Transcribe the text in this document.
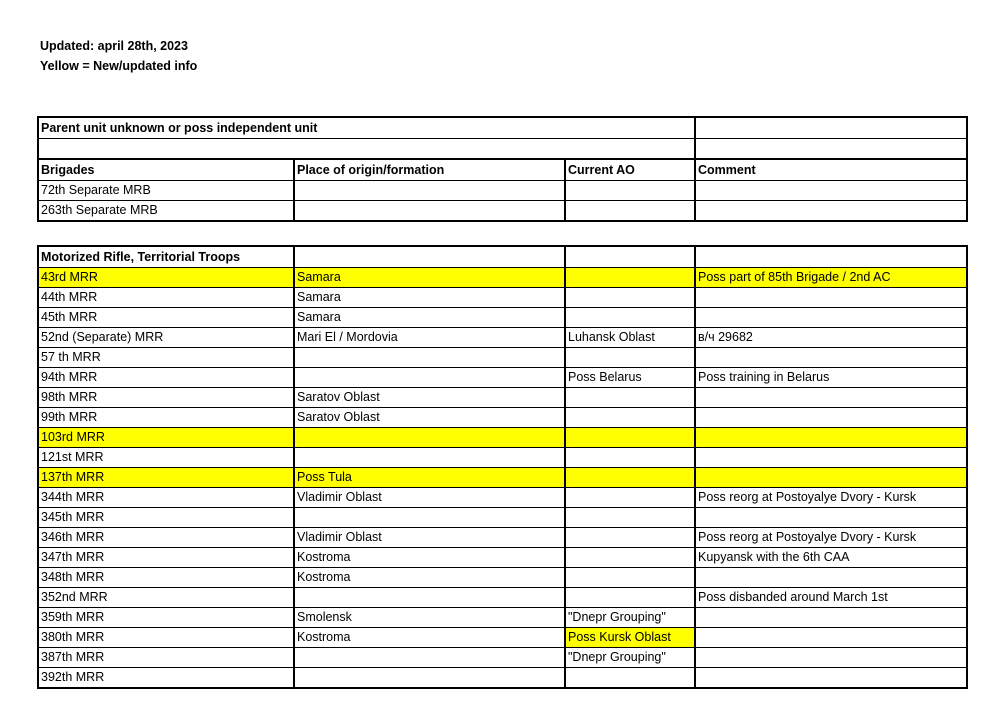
Updated: april 28th, 2023
Yellow = New/updated info
Parent unit unknown or poss independent unit			

Brigades	Place of origin/formation	Current AO	Comment
72th Separate MRB			
263th Separate MRB			
Motorized Rifle, Territorial Troops			
43rd MRR	Samara		Poss part of 85th Brigade / 2nd AC
44th MRR	Samara		
45th MRR	Samara		
52nd (Separate) MRR	Mari El / Mordovia	Luhansk Oblast	в/ч 29682
57 th MRR			
94th MRR		Poss Belarus	Poss training in Belarus
98th MRR	Saratov Oblast		
99th MRR	Saratov Oblast		
103rd MRR			
121st MRR			
137th MRR	Poss Tula		
344th MRR	Vladimir Oblast		Poss reorg at Postoyalye Dvory - Kursk
345th MRR			
346th MRR	Vladimir Oblast		Poss reorg at Postoyalye Dvory - Kursk
347th MRR	Kostroma		Kupyansk with the 6th CAA
348th MRR	Kostroma		
352nd MRR			Poss disbanded around March 1st
359th MRR	Smolensk	"Dnepr Grouping"	
380th MRR	Kostroma	Poss Kursk Oblast	
387th MRR		"Dnepr Grouping"	
392th MRR			
